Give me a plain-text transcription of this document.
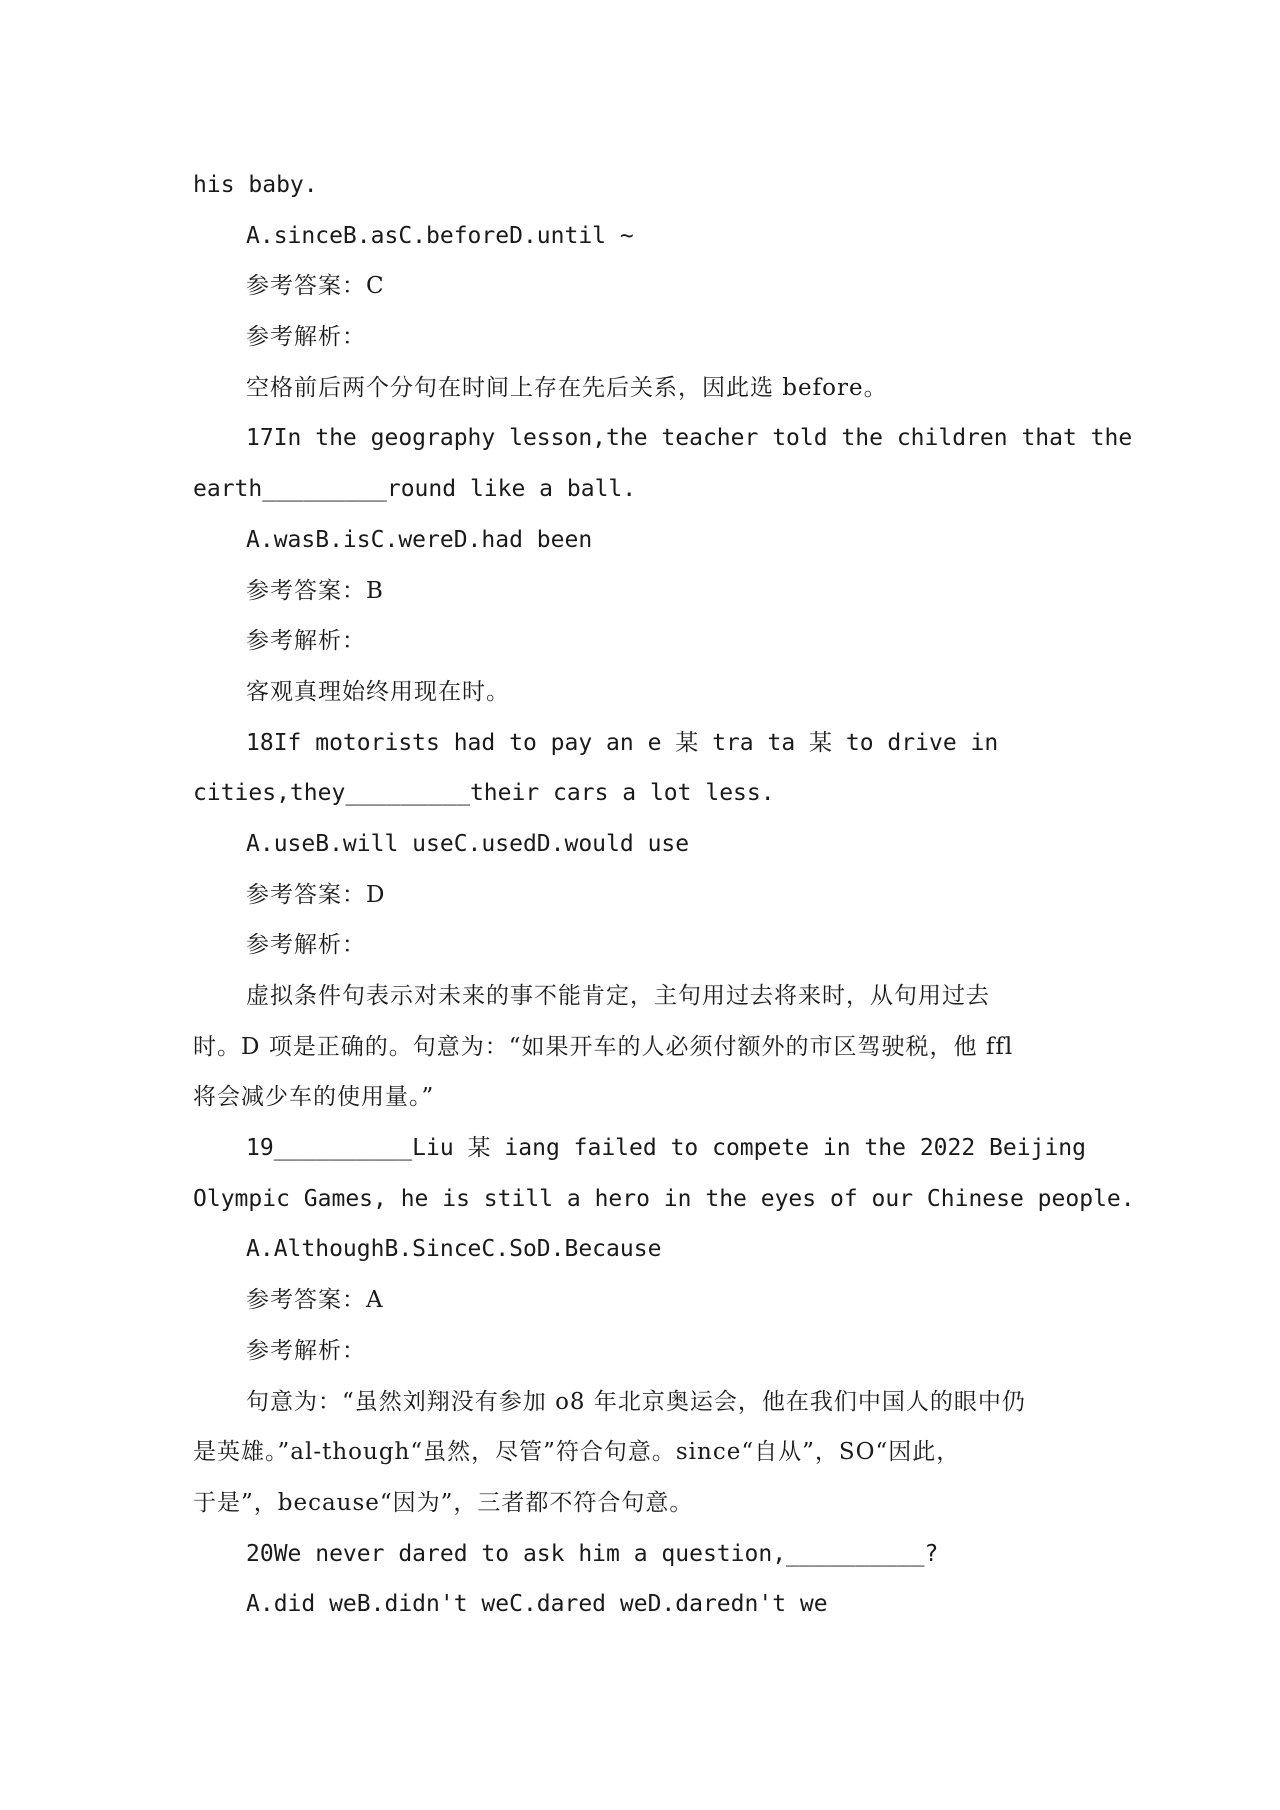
his baby.
A.sinceB.asC.beforeD.until ~
参考答案：C
参考解析：
空格前后两个分句在时间上存在先后关系，因此选 before。
17In the geography lesson,the teacher told the children that the
earth_________round like a ball.
A.wasB.isC.wereD.had been
参考答案：B
参考解析：
客观真理始终用现在时。
18If motorists had to pay an e 某 tra ta 某 to drive in
cities,they_________their cars a lot less.
A.useB.will useC.usedD.would use
参考答案：D
参考解析：
虚拟条件句表示对未来的事不能肯定，主句用过去将来时，从句用过去
时。D 项是正确的。句意为：“如果开车的人必须付额外的市区驾驶税，他 ffl
将会减少车的使用量。”
19__________Liu 某 iang failed to compete in the 2022 Beijing
Olympic Games, he is still a hero in the eyes of our Chinese people.
A.AlthoughB.SinceC.SoD.Because
参考答案：A
参考解析：
句意为：“虽然刘翔没有参加 o8 年北京奥运会，他在我们中国人的眼中仍
是英雄。”al-though“虽然，尽管”符合句意。since“自从”，SO“因此，
于是”，because“因为”，三者都不符合句意。
20We never dared to ask him a question,__________?
A.did weB.didn't weC.dared weD.daredn't we
